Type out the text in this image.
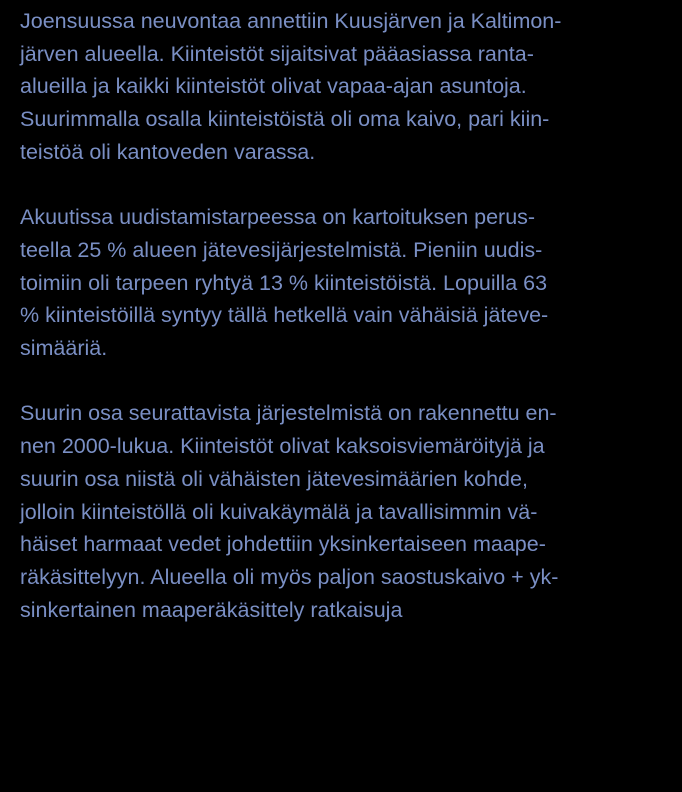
Joensuussa neuvontaa annettiin Kuusjärven ja Kaltimon-
järven alueella. Kiinteistöt sijaitsivat pääasiassa ranta-
alueilla ja kaikki kiinteistöt olivat vapaa-ajan asuntoja.
Suurimmalla osalla kiinteistöistä oli oma kaivo, pari kiin-
teistöä oli kantoveden varassa.
Akuutissa uudistamistarpeessa on kartoituksen perus-
teella 25 % alueen jätevesijärjestelmistä. Pieniin uudis-
toimiin oli tarpeen ryhtyä 13 % kiinteistöistä. Lopuilla 63
% kiinteistöillä syntyy tällä hetkellä vain vähäisiä jäteve-
simääriä.
Suurin osa seurattavista järjestelmistä on rakennettu en-
nen 2000-lukua. Kiinteistöt olivat kaksoisviemäröityjä ja
suurin osa niistä oli vähäisten jätevesimäärien kohde,
jolloin kiinteistöllä oli kuivakäymälä ja tavallisimmin vä-
häiset harmaat vedet johdettiin yksinkertaiseen maape-
räkäsittelyyn. Alueella oli myös paljon saostuskaivo + yk-
sinkertainen maaperäkäsittely ratkaisuja
